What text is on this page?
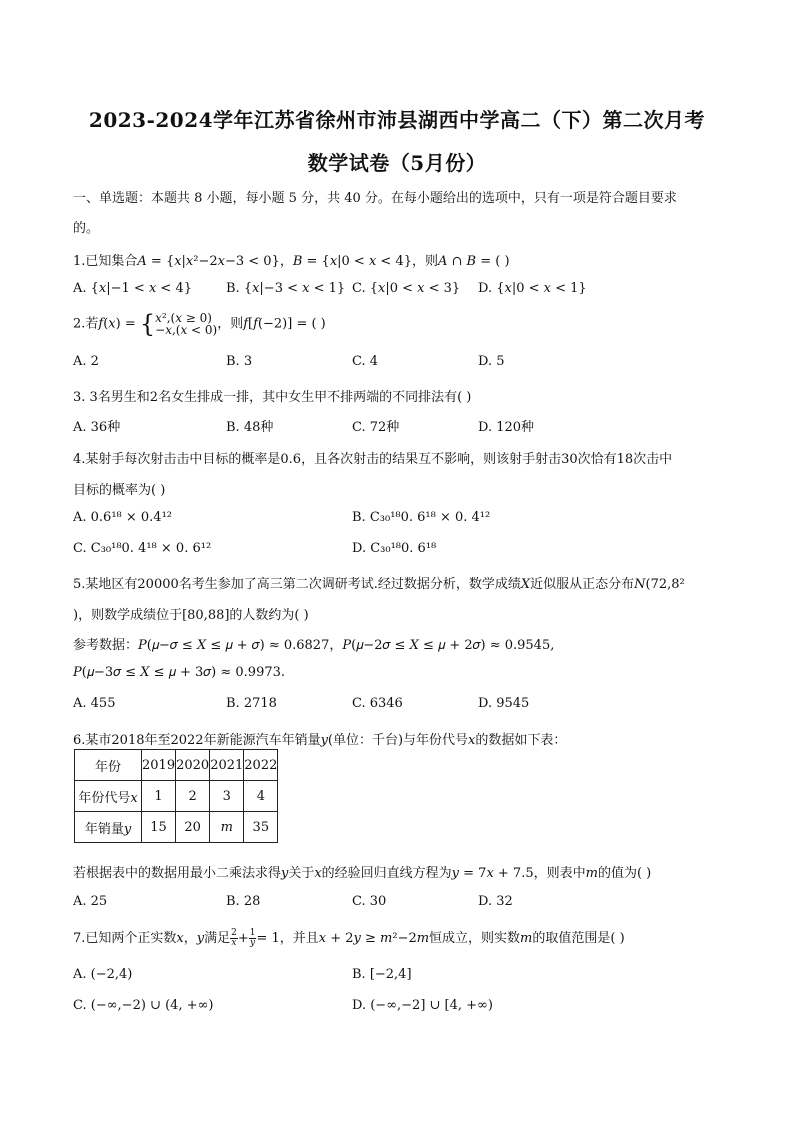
2023-2024学年江苏省徐州市沛县湖西中学高二（下）第二次月考
数学试卷（5月份）
一、单选题：本题共 8 小题，每小题 5 分，共 40 分。在每小题给出的选项中，只有一项是符合题目要求
的。
1.已知集合𝐴 = {𝑥|𝑥²−2𝑥−3 < 0}，𝐵 = {𝑥|0 < 𝑥 < 4}，则𝐴 ∩ 𝐵 = ( )
A. {𝑥|−1 < 𝑥 < 4}	B. {𝑥|−3 < 𝑥 < 1} C. {𝑥|0 < 𝑥 < 3} D. {𝑥|0 < 𝑥 < 1}
2.若𝑓(𝑥) = { 𝑥²,(𝑥 ≥ 0)
−𝑥,(𝑥 < 0) ，则𝑓[𝑓(−2)] = ( )
A. 2	B. 3	C. 4	D. 5
3. 3名男生和2名女生排成一排，其中女生甲不排两端的不同排法有( )
A. 36种	B. 48种	C. 72种	D. 120种
4.某射手每次射击击中目标的概率是0.6，且各次射击的结果互不影响，则该射手射击30次恰有18次击中
目标的概率为( )
A. 0.6¹⁸ × 0.4¹²	B. C₃₀¹⁸0. 6¹⁸ × 0. 4¹²
C. C₃₀¹⁸0. 4¹⁸ × 0. 6¹²	D. C₃₀¹⁸0. 6¹⁸
5.某地区有20000名考生参加了高三第二次调研考试.经过数据分析，数学成绩𝑋近似服从正态分布𝑁(72,8²
)，则数学成绩位于[80,88]的人数约为( )
参考数据：𝑃(𝜇−𝜎 ≤ 𝑋 ≤ 𝜇 + 𝜎) ≈ 0.6827，𝑃(𝜇−2𝜎 ≤ 𝑋 ≤ 𝜇 + 2𝜎) ≈ 0.9545,
𝑃(𝜇−3𝜎 ≤ 𝑋 ≤ 𝜇 + 3𝜎) ≈ 0.9973.
A. 455	B. 2718	C. 6346	D. 9545
6.某市2018年至2022年新能源汽车年销量𝑦(单位：千台)与年份代号𝑥的数据如下表：
年份	2019	2020	2021	2022
年份代号𝑥	1	2	3	4
年销量𝑦	15	20	𝑚	35
若根据表中的数据用最小二乘法求得𝑦关于𝑥的经验回归直线方程为𝑦 = 7𝑥 + 7.5，则表中𝑚的值为( )
A. 25	B. 28	C. 30	D. 32
7.已知两个正实数𝑥，𝑦满足 $\frac{2}{\text{𝑥}} + \frac{1}{\text{𝑦}} = 1$，并且𝑥 + 2𝑦 ≥ 𝑚²−2𝑚恒成立，则实数𝑚的取值范围是( )
A. (−2,4)	B. [−2,4]
C. (−∞,−2) ∪ (4, +∞)	D. (−∞,−2] ∪ [4, +∞)
